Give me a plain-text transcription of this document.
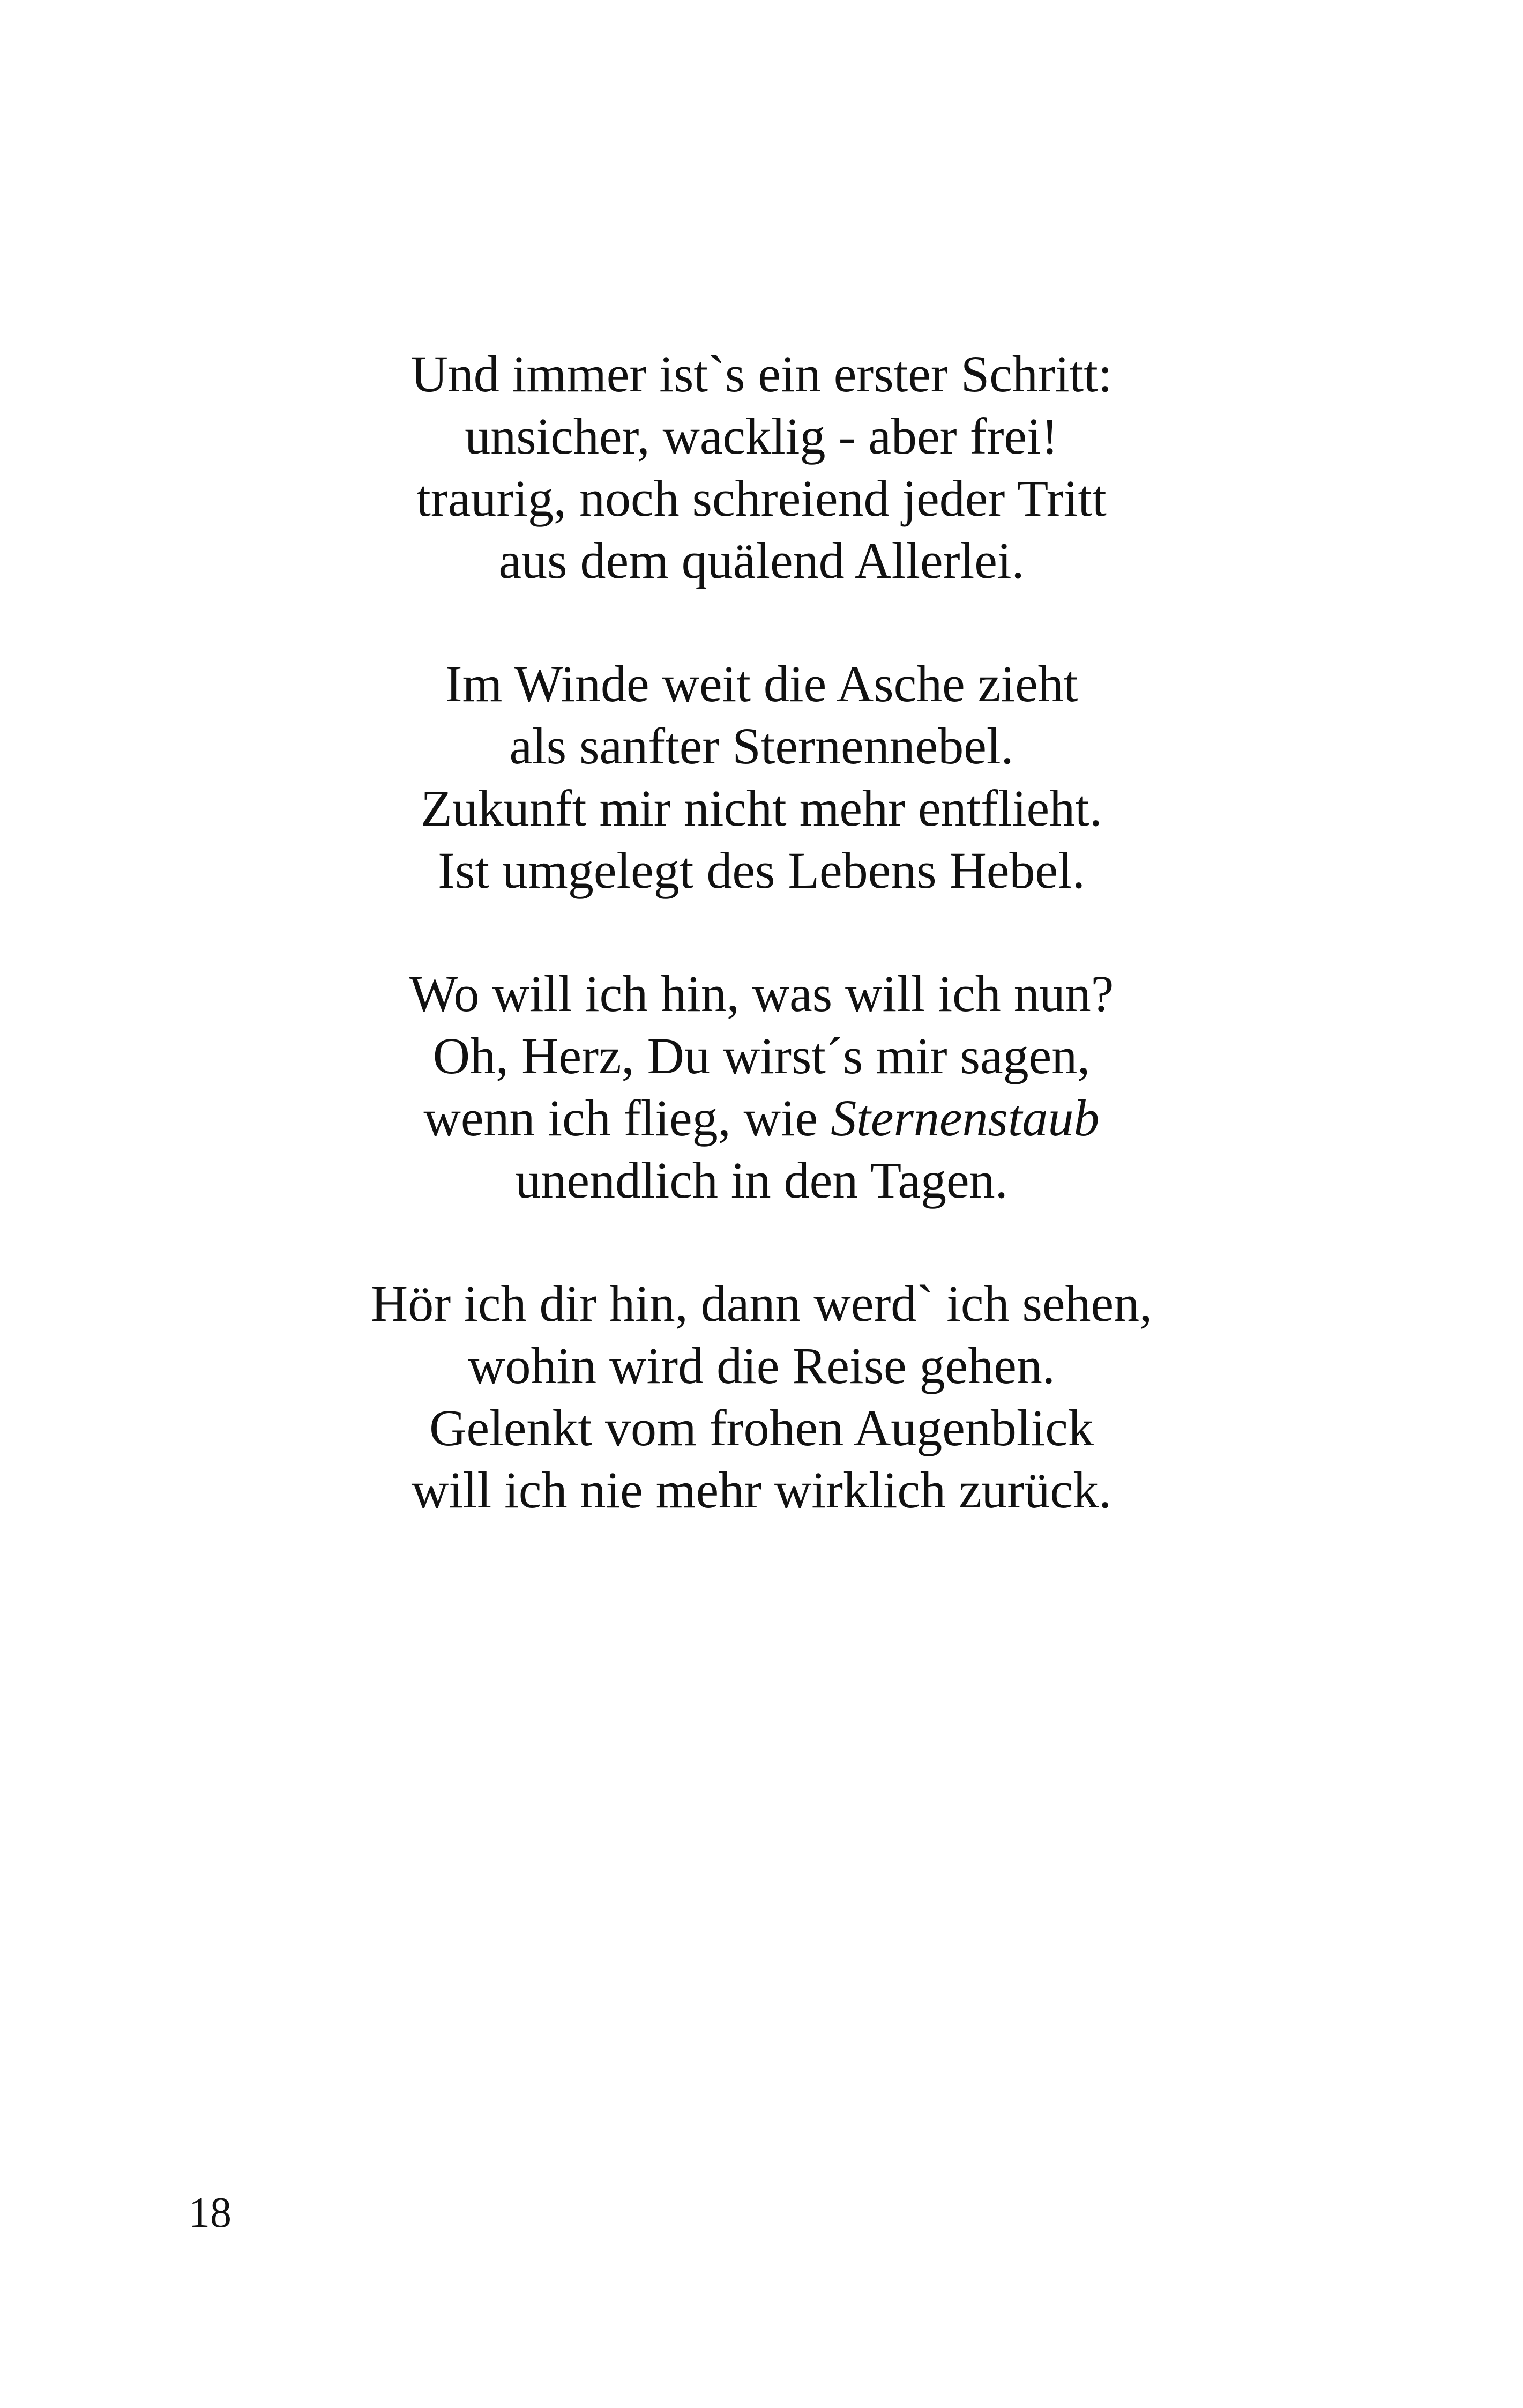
Und immer ist`s ein erster Schritt:
unsicher, wacklig - aber frei!
traurig, noch schreiend jeder Tritt
aus dem quälend Allerlei.
Im Winde weit die Asche zieht
als sanfter Sternennebel.
Zukunft mir nicht mehr entflieht.
Ist umgelegt des Lebens Hebel.
Wo will ich hin, was will ich nun?
Oh, Herz, Du wirst´s mir sagen,
wenn ich flieg, wie Sternenstaub
unendlich in den Tagen.
Hör ich dir hin, dann werd` ich sehen,
wohin wird die Reise gehen.
Gelenkt vom frohen Augenblick
will ich nie mehr wirklich zurück.
18
